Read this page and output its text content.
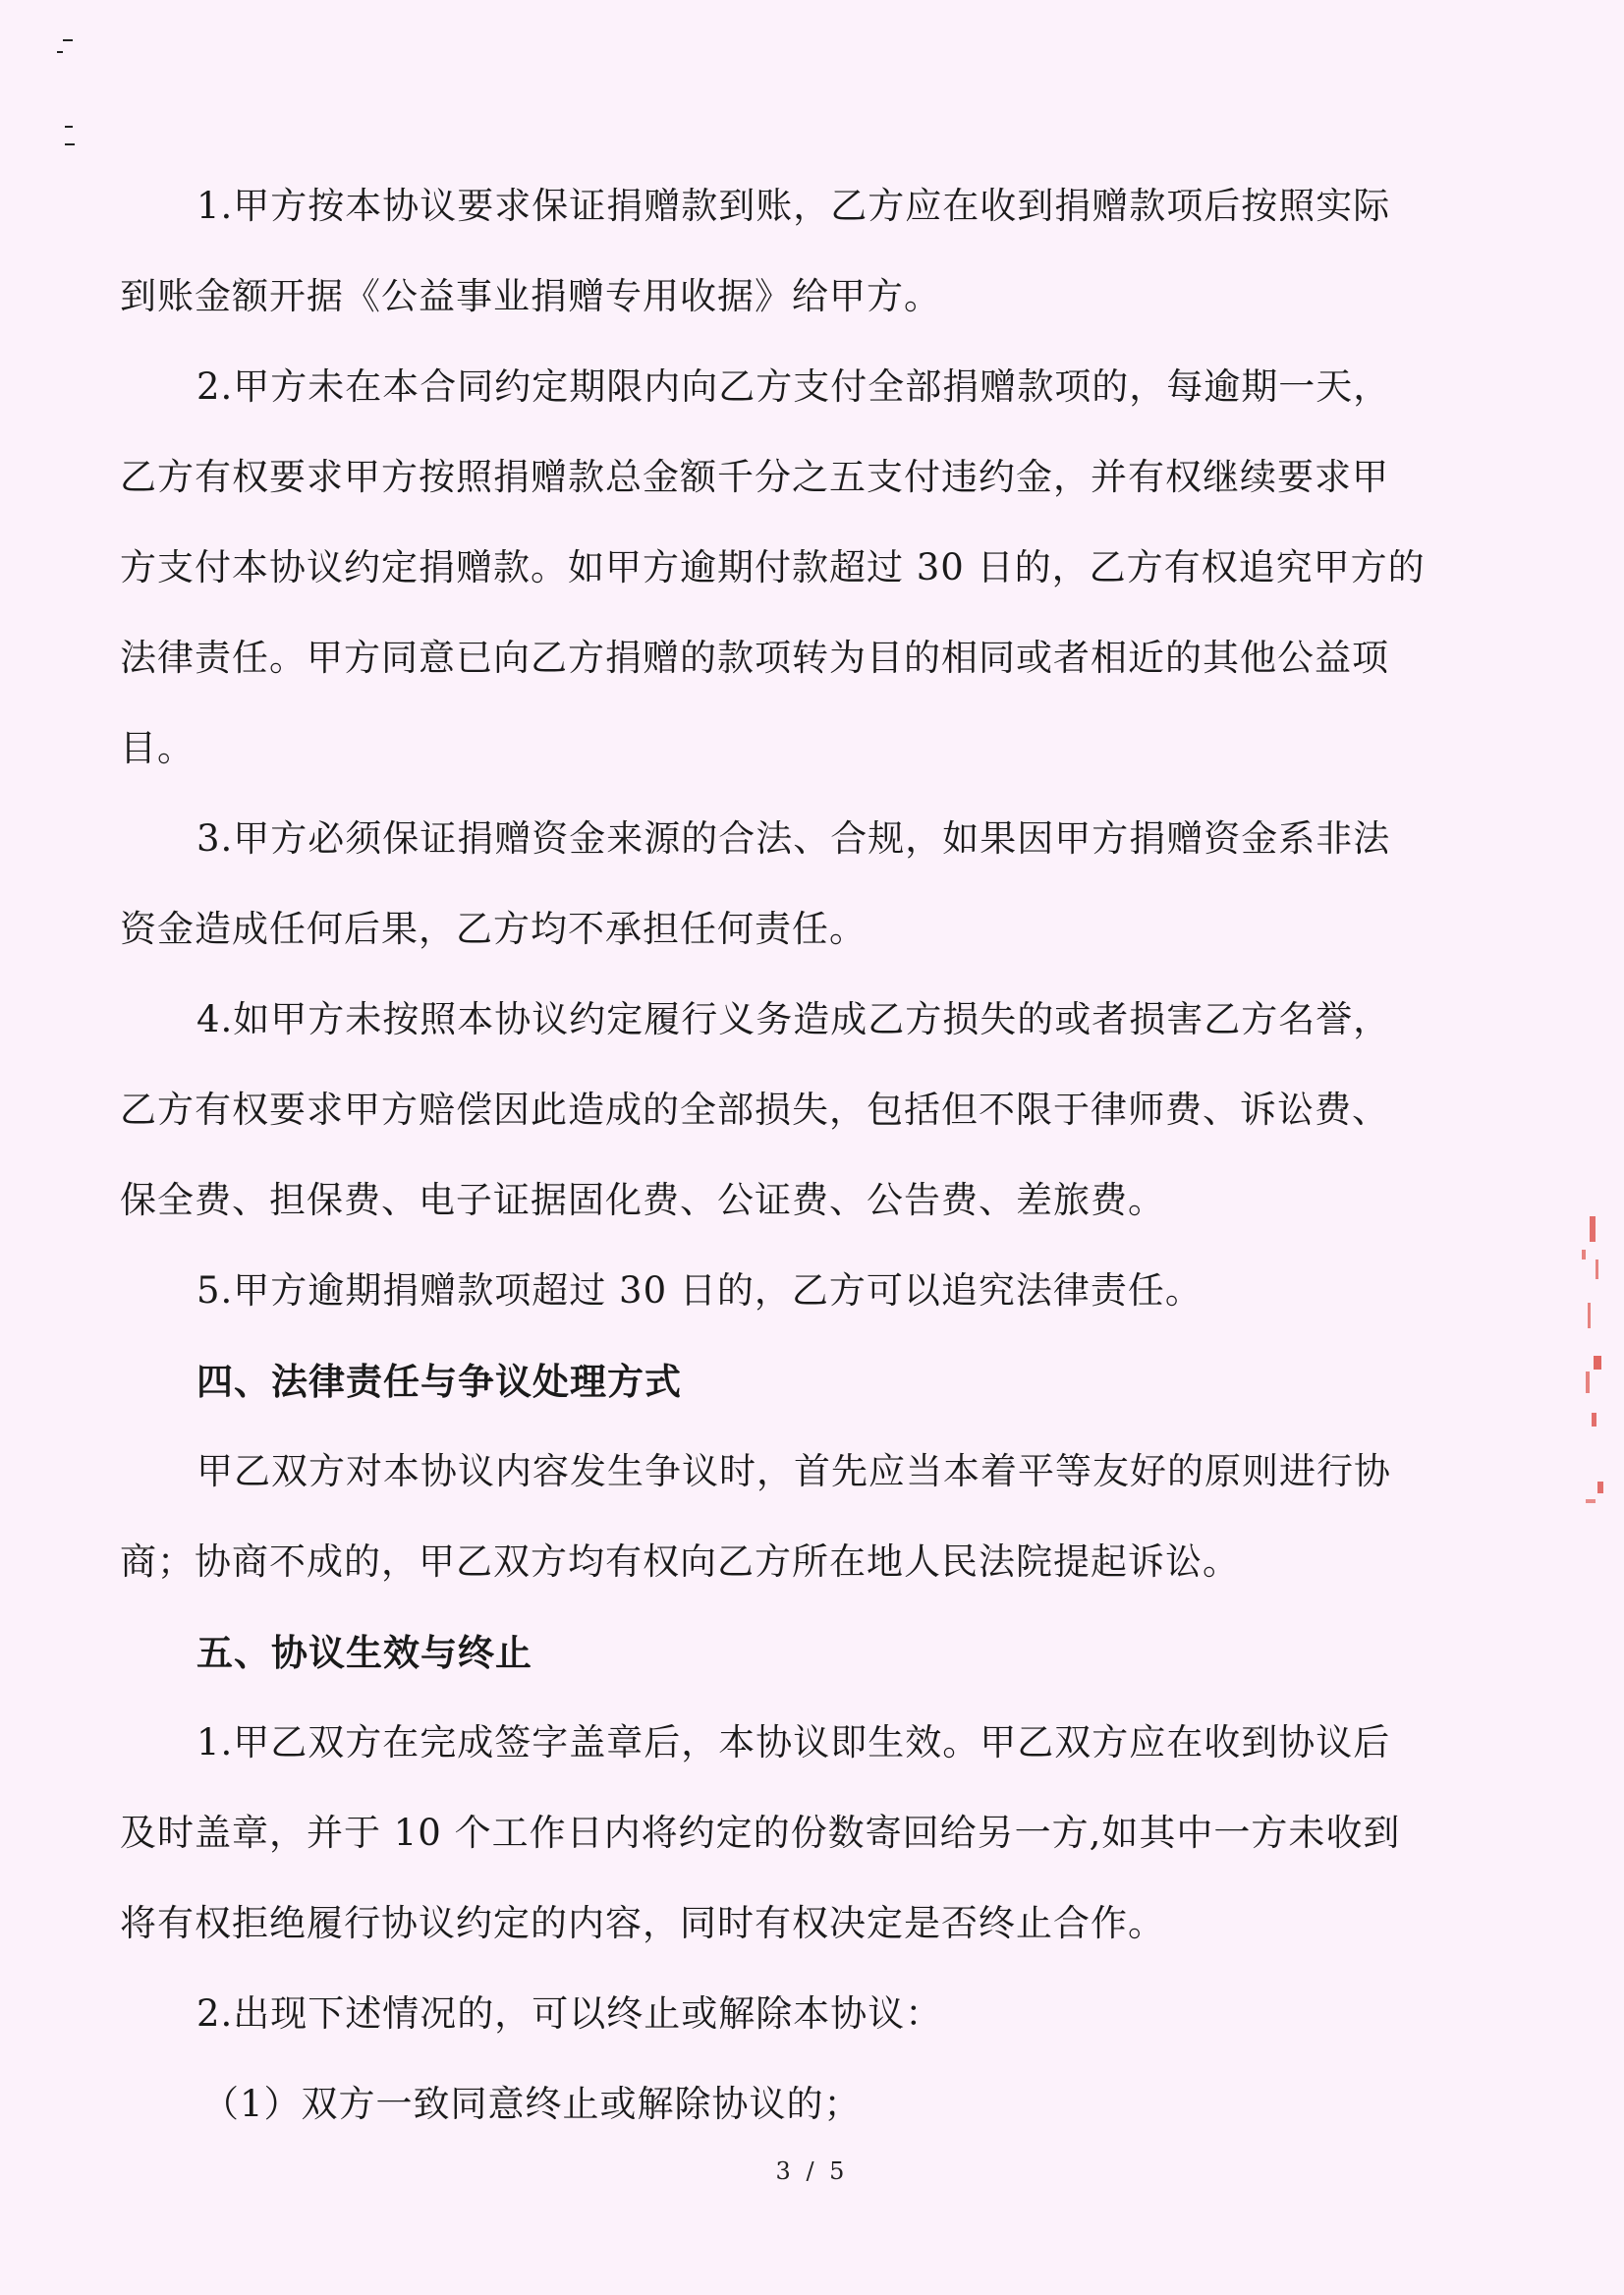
1.甲方按本协议要求保证捐赠款到账，乙方应在收到捐赠款项后按照实际

到账金额开据《公益事业捐赠专用收据》给甲方。

2.甲方未在本合同约定期限内向乙方支付全部捐赠款项的，每逾期一天，

乙方有权要求甲方按照捐赠款总金额千分之五支付违约金，并有权继续要求甲

方支付本协议约定捐赠款。如甲方逾期付款超过 30 日的，乙方有权追究甲方的

法律责任。甲方同意已向乙方捐赠的款项转为目的相同或者相近的其他公益项

目。

3.甲方必须保证捐赠资金来源的合法、合规，如果因甲方捐赠资金系非法

资金造成任何后果，乙方均不承担任何责任。

4.如甲方未按照本协议约定履行义务造成乙方损失的或者损害乙方名誉，

乙方有权要求甲方赔偿因此造成的全部损失，包括但不限于律师费、诉讼费、

保全费、担保费、电子证据固化费、公证费、公告费、差旅费。

5.甲方逾期捐赠款项超过 30 日的，乙方可以追究法律责任。

四、法律责任与争议处理方式

甲乙双方对本协议内容发生争议时，首先应当本着平等友好的原则进行协

商；协商不成的，甲乙双方均有权向乙方所在地人民法院提起诉讼。

五、协议生效与终止

1.甲乙双方在完成签字盖章后，本协议即生效。甲乙双方应在收到协议后

及时盖章，并于 10 个工作日内将约定的份数寄回给另一方,如其中一方未收到

将有权拒绝履行协议约定的内容，同时有权决定是否终止合作。

2.出现下述情况的，可以终止或解除本协议：

（1）双方一致同意终止或解除协议的；

3 / 5
